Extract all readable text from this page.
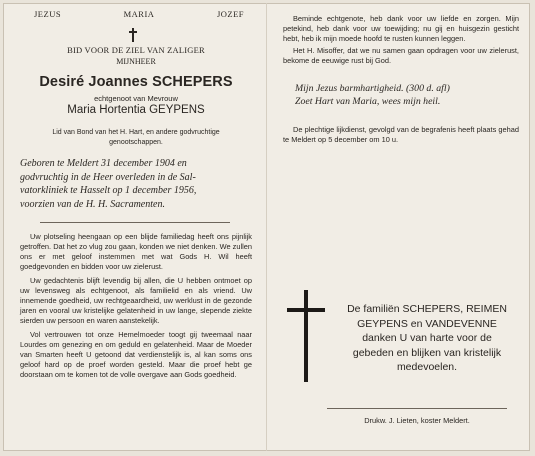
JEZUS	MARIA	JOZEF
BID VOOR DE ZIEL VAN ZALIGER
MIJNHEER
Desiré Joannes SCHEPERS
echtgenoot van Mevrouw
Maria Hortentia GEYPENS
Lid van Bond van het H. Hart, en andere godvruchtige
genootschappen.
Geboren te Meldert 31 december 1904 en
godvruchtig in de Heer overleden in de Sal-
vatorkliniek te Hasselt op 1 december 1956,
voorzien van de H. H. Sacramenten.

Uw plotseling heengaan op een blijde familiedag heeft ons pijnlijk getroffen. Dat het zo vlug zou gaan, konden we niet denken. We zullen ons er met geloof instemmen met wat Gods H. Wil heeft goedgevonden en bidden voor uw zielerust.

Uw gedachtenis blijft levendig bij allen, die U hebben ontmoet op uw levensweg als echtgenoot, als familielid en als vriend. Uw innemende goedheid, uw rechtgeaardheid, uw werklust in de gezonde jaren en vooral uw kristelijke gelatenheid in uw lange, slepende ziekte sierden uw persoon en waren aanstekelijk.

Vol vertrouwen tot onze Hemelmoeder toogt gij tweemaal naar Lourdes om genezing en om geduld en gelatenheid. Maar de Moeder van Smarten heeft U getoond dat verdienstelijk is, al kan soms ons geloof hard op de proef worden gesteld. Maar die proef hebt ge doorstaan om te komen tot de volle overgave aan Gods goedheid.

Beminde echtgenote, heb dank voor uw liefde en zorgen. Mijn petekind, heb dank voor uw toewijding; nu gij en huisgezin gesticht hebt, heb ik mijn moede hoofd te rusten kunnen leggen.

Het H. Misoffer, dat we nu samen gaan opdragen voor uw zielerust, bekome de eeuwige rust bij God.

Mijn Jezus barmhartigheid. (300 d. afl)
Zoet Hart van Maria, wees mijn heil.

De plechtige lijkdienst, gevolgd van de begrafenis heeft plaats gehad te Meldert op 5 december om 10 u.

De familiën SCHEPERS, REIMEN
GEYPENS en VANDEVENNE
danken U van harte voor de
gebeden en blijken van kristelijk
medevoelen.
Drukw. J. Lieten, koster Meldert.
